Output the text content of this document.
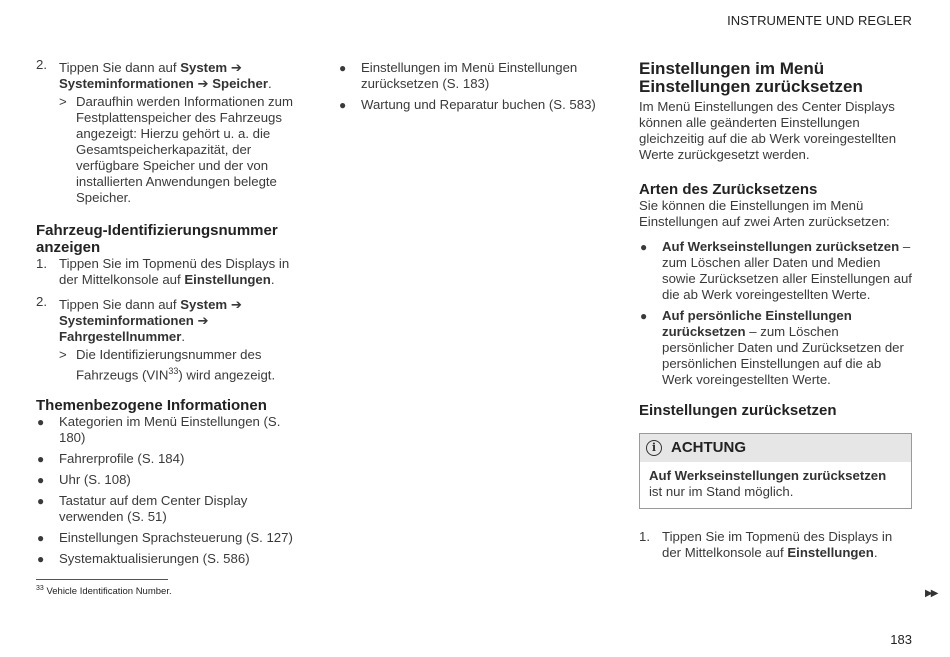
INSTRUMENTE UND REGLER
2. Tippen Sie dann auf System ➔
Systeminformationen ➔ Speicher.
> Daraufhin werden Informationen zum Festplattenspeicher des Fahrzeugs angezeigt: Hierzu gehört u. a. die Gesamtspeicherkapazität, der verfügbare Speicher und der von installierten Anwendungen belegte Speicher.
Fahrzeug-Identifizierungsnummer anzeigen
1. Tippen Sie im Topmenü des Displays in der Mittelkonsole auf Einstellungen.
2. Tippen Sie dann auf System ➔
Systeminformationen ➔
Fahrgestellnummer.
> Die Identifizierungsnummer des Fahrzeugs (VIN$^{33}$) wird angezeigt.
Themenbezogene Informationen
● Kategorien im Menü Einstellungen (S. 180)
● Fahrerprofile (S. 184)
● Uhr (S. 108)
● Tastatur auf dem Center Display verwenden (S. 51)
● Einstellungen Sprachsteuerung (S. 127)
● Systemaktualisierungen (S. 586)
● Einstellungen im Menü Einstellungen zurücksetzen (S. 183)
● Wartung und Reparatur buchen (S. 583)
Einstellungen im Menü Einstellungen zurücksetzen

Im Menü Einstellungen des Center Displays können alle geänderten Einstellungen gleichzeitig auf die ab Werk voreingestellten Werte zurückgesetzt werden.

Arten des Zurücksetzens

Sie können die Einstellungen im Menü Einstellungen auf zwei Arten zurücksetzen:

● Auf Werkseinstellungen zurücksetzen – zum Löschen aller Daten und Medien sowie Zurücksetzen aller Einstellungen auf die ab Werk voreingestellten Werte.
● Auf persönliche Einstellungen zurücksetzen – zum Löschen persönlicher Daten und Zurücksetzen der persönlichen Einstellungen auf die ab Werk voreingestellten Werte.
Einstellungen zurücksetzen
i ACHTUNG
Auf Werkseinstellungen zurücksetzen ist nur im Stand möglich.
1. Tippen Sie im Topmenü des Displays in der Mittelkonsole auf Einstellungen.
$^{33}$ Vehicle Identification Number.	▶▶
183
